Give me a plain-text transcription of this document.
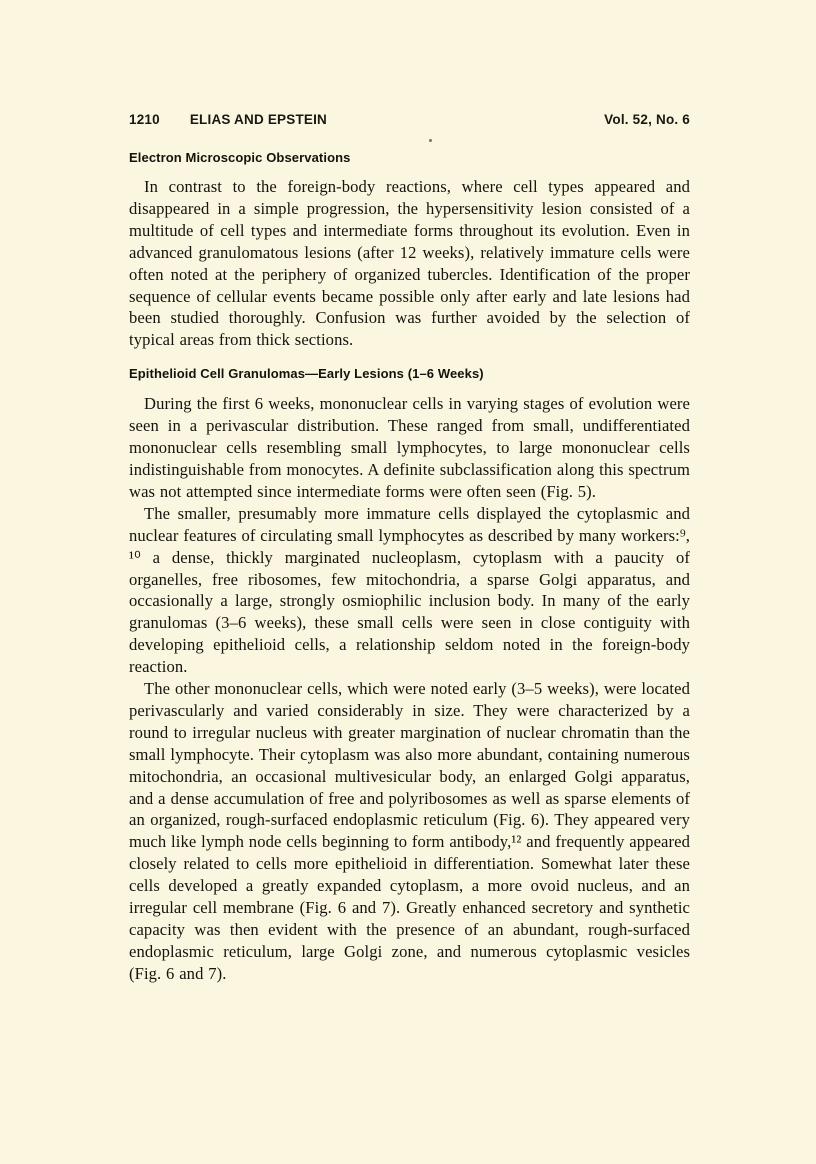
1210 ELIAS AND EPSTEIN	Vol. 52, No. 6
Electron Microscopic Observations

In contrast to the foreign-body reactions, where cell types appeared and disappeared in a simple progression, the hypersensitivity lesion consisted of a multitude of cell types and intermediate forms throughout its evolution. Even in advanced granulomatous lesions (after 12 weeks), relatively immature cells were often noted at the periphery of organized tubercles. Identification of the proper sequence of cellular events became possible only after early and late lesions had been studied thoroughly. Confusion was further avoided by the selection of typical areas from thick sections.

Epithelioid Cell Granulomas—Early Lesions (1–6 Weeks)

During the first 6 weeks, mononuclear cells in varying stages of evolution were seen in a perivascular distribution. These ranged from small, undifferentiated mononuclear cells resembling small lymphocytes, to large mononuclear cells indistinguishable from monocytes. A definite subclassification along this spectrum was not attempted since intermediate forms were often seen (Fig. 5).

The smaller, presumably more immature cells displayed the cytoplasmic and nuclear features of circulating small lymphocytes as described by many workers:⁹, ¹⁰ a dense, thickly marginated nucleoplasm, cytoplasm with a paucity of organelles, free ribosomes, few mitochondria, a sparse Golgi apparatus, and occasionally a large, strongly osmiophilic inclusion body. In many of the early granulomas (3–6 weeks), these small cells were seen in close contiguity with developing epithelioid cells, a relationship seldom noted in the foreign-body reaction.

The other mononuclear cells, which were noted early (3–5 weeks), were located perivascularly and varied considerably in size. They were characterized by a round to irregular nucleus with greater margination of nuclear chromatin than the small lymphocyte. Their cytoplasm was also more abundant, containing numerous mitochondria, an occasional multivesicular body, an enlarged Golgi apparatus, and a dense accumulation of free and polyribosomes as well as sparse elements of an organized, rough-surfaced endoplasmic reticulum (Fig. 6). They appeared very much like lymph node cells beginning to form antibody,¹² and frequently appeared closely related to cells more epithelioid in differentiation. Somewhat later these cells developed a greatly expanded cytoplasm, a more ovoid nucleus, and an irregular cell membrane (Fig. 6 and 7). Greatly enhanced secretory and synthetic capacity was then evident with the presence of an abundant, rough-surfaced endoplasmic reticulum, large Golgi zone, and numerous cytoplasmic vesicles (Fig. 6 and 7).
